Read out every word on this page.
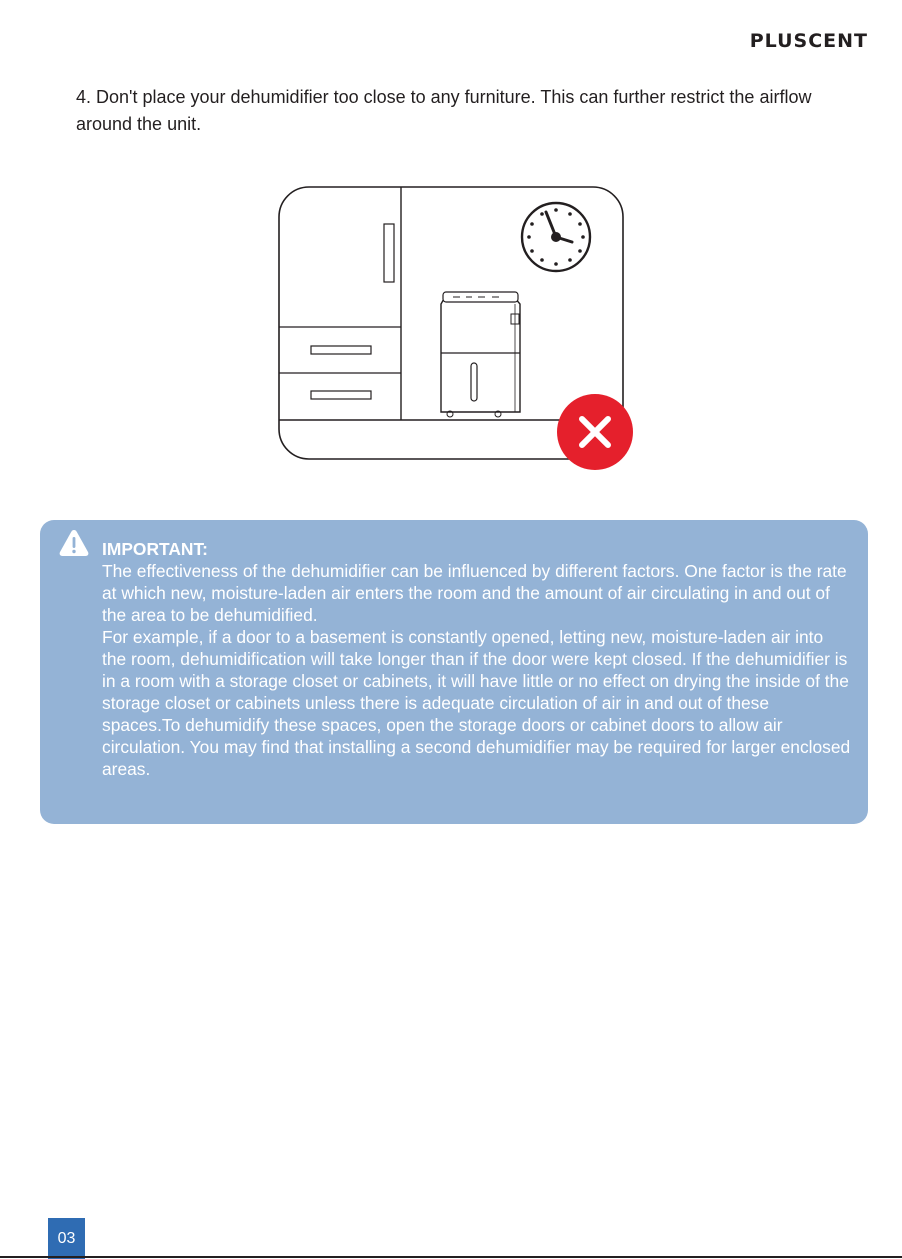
PLUSCENT
4. Don't place your dehumidifier too close to any furniture. This can further restrict the airflow around the unit.
IMPORTANT:
The effectiveness of the dehumidifier can be influenced by different factors. One factor is the rate at which new, moisture-laden air enters the room and the amount of air circulating in and out of the area to be dehumidified.
For example, if a door to a basement is constantly opened, letting new, moisture-laden air into the room, dehumidification will take longer than if the door were kept closed. If the dehumidifier is in a room with a storage closet or cabinets, it will have little or no effect on drying the inside of the storage closet or cabinets unless there is adequate circulation of air in and out of these spaces.To dehumidify these spaces, open the storage doors or cabinet doors to allow air circulation. You may find that installing a second dehumidifier may be required for larger enclosed areas.
03
